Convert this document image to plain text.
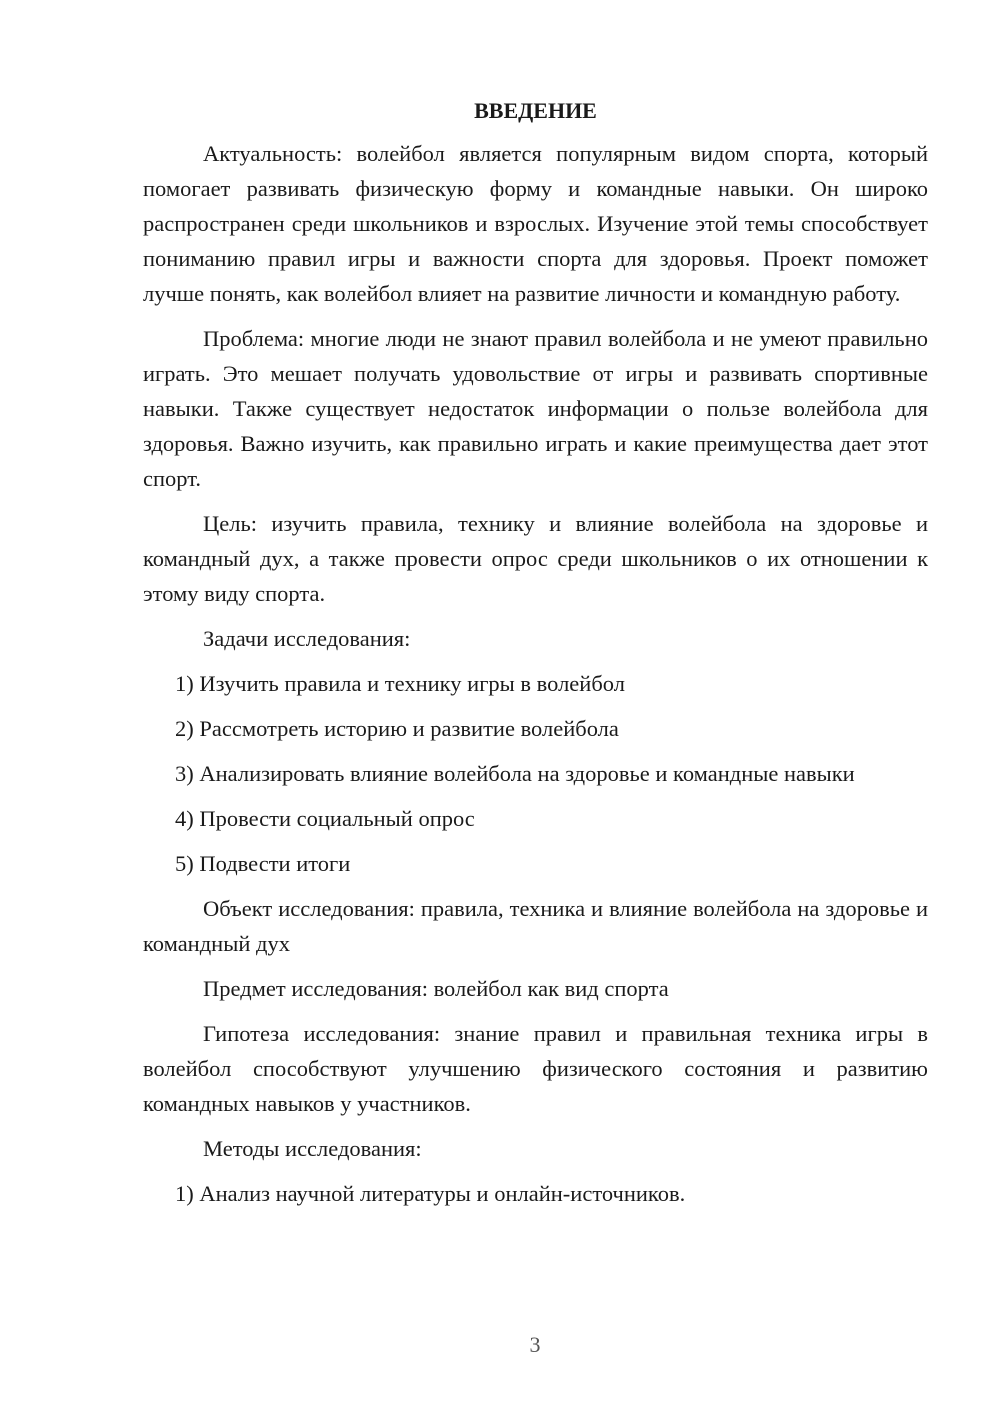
ВВЕДЕНИЕ

Актуальность: волейбол является популярным видом спорта, который помогает развивать физическую форму и командные навыки. Он широко распространен среди школьников и взрослых. Изучение этой темы способствует пониманию правил игры и важности спорта для здоровья. Проект поможет лучше понять, как волейбол влияет на развитие личности и командную работу.

Проблема: многие люди не знают правил волейбола и не умеют правильно играть. Это мешает получать удовольствие от игры и развивать спортивные навыки. Также существует недостаток информации о пользе волейбола для здоровья. Важно изучить, как правильно играть и какие преимущества дает этот спорт.

Цель: изучить правила, технику и влияние волейбола на здоровье и командный дух, а также провести опрос среди школьников о их отношении к этому виду спорта.

Задачи исследования:

1) Изучить правила и технику игры в волейбол

2) Рассмотреть историю и развитие волейбола

3) Анализировать влияние волейбола на здоровье и командные навыки

4) Провести социальный опрос

5) Подвести итоги

Объект исследования: правила, техника и влияние волейбола на здоровье и командный дух

Предмет исследования: волейбол как вид спорта

Гипотеза исследования: знание правил и правильная техника игры в волейбол способствуют улучшению физического состояния и развитию командных навыков у участников.

Методы исследования:

1) Анализ научной литературы и онлайн-источников.

3
